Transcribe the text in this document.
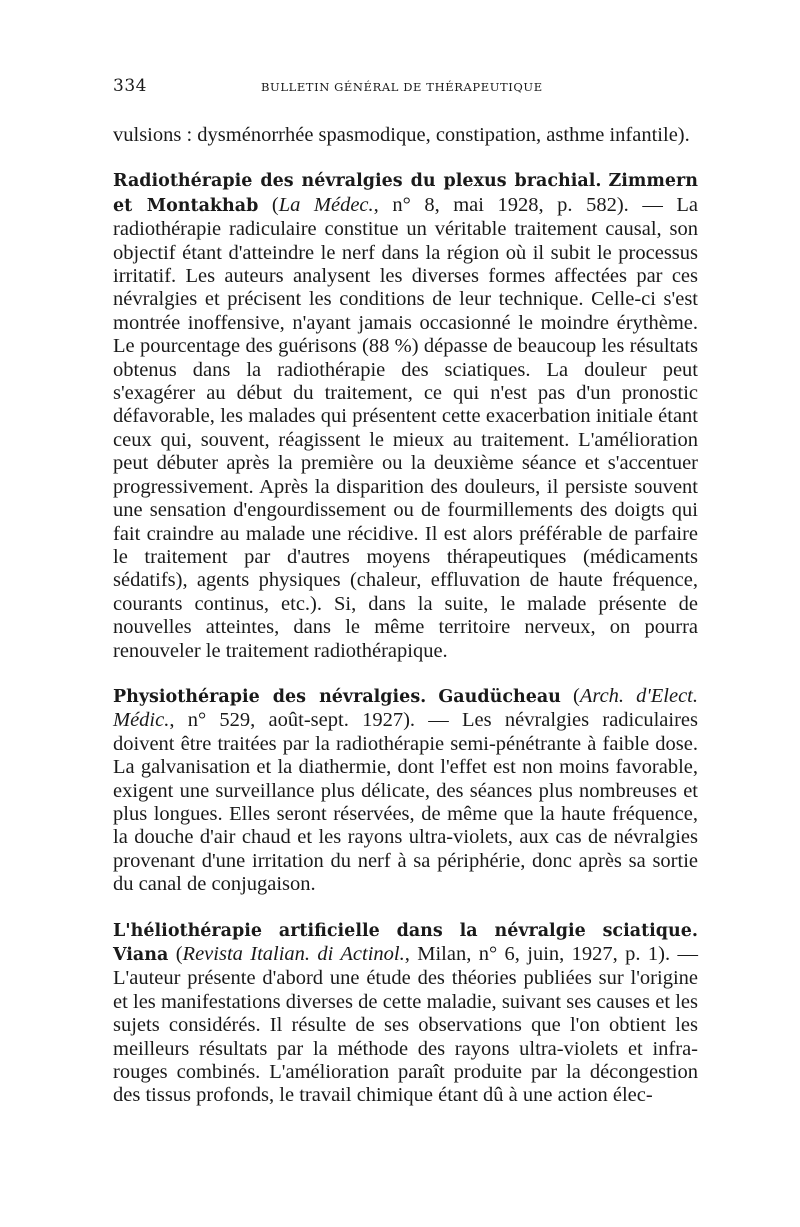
334	BULLETIN GÉNÉRAL DE THÉRAPEUTIQUE

vulsions : dysménorrhée spasmodique, constipation, asthme infantile).

Radiothérapie des névralgies du plexus brachial. Zimmern et Montakhab (La Médec., n° 8, mai 1928, p. 582). — La radiothérapie radiculaire constitue un véritable traitement causal, son objectif étant d'atteindre le nerf dans la région où il subit le processus irritatif. Les auteurs analysent les diverses formes affectées par ces névralgies et précisent les conditions de leur technique. Celle-ci s'est montrée inoffensive, n'ayant jamais occasionné le moindre érythème. Le pourcentage des guérisons (88 %) dépasse de beaucoup les résultats obtenus dans la radiothérapie des sciatiques. La douleur peut s'exagérer au début du traitement, ce qui n'est pas d'un pronostic défavorable, les malades qui présentent cette exacerbation initiale étant ceux qui, souvent, réagissent le mieux au traitement. L'amélioration peut débuter après la première ou la deuxième séance et s'accentuer progressivement. Après la disparition des douleurs, il persiste souvent une sensation d'engourdissement ou de fourmillements des doigts qui fait craindre au malade une récidive. Il est alors préférable de parfaire le traitement par d'autres moyens thérapeutiques (médicaments sédatifs), agents physiques (chaleur, effluvation de haute fréquence, courants continus, etc.). Si, dans la suite, le malade présente de nouvelles atteintes, dans le même territoire nerveux, on pourra renouveler le traitement radiothérapique.

Physiothérapie des névralgies. Gaudücheau (Arch. d'Elect. Médic., n° 529, août-sept. 1927). — Les névralgies radiculaires doivent être traitées par la radiothérapie semi-pénétrante à faible dose. La galvanisation et la diathermie, dont l'effet est non moins favorable, exigent une surveillance plus délicate, des séances plus nombreuses et plus longues. Elles seront réservées, de même que la haute fréquence, la douche d'air chaud et les rayons ultra-violets, aux cas de névralgies provenant d'une irritation du nerf à sa périphérie, donc après sa sortie du canal de conjugaison.

L'héliothérapie artificielle dans la névralgie sciatique. Viana (Revista Italian. di Actinol., Milan, n° 6, juin, 1927, p. 1). — L'auteur présente d'abord une étude des théories publiées sur l'origine et les manifestations diverses de cette maladie, suivant ses causes et les sujets considérés. Il résulte de ses observations que l'on obtient les meilleurs résultats par la méthode des rayons ultra-violets et infra-rouges combinés. L'amélioration paraît produite par la décongestion des tissus profonds, le travail chimique étant dû à une action élec-
